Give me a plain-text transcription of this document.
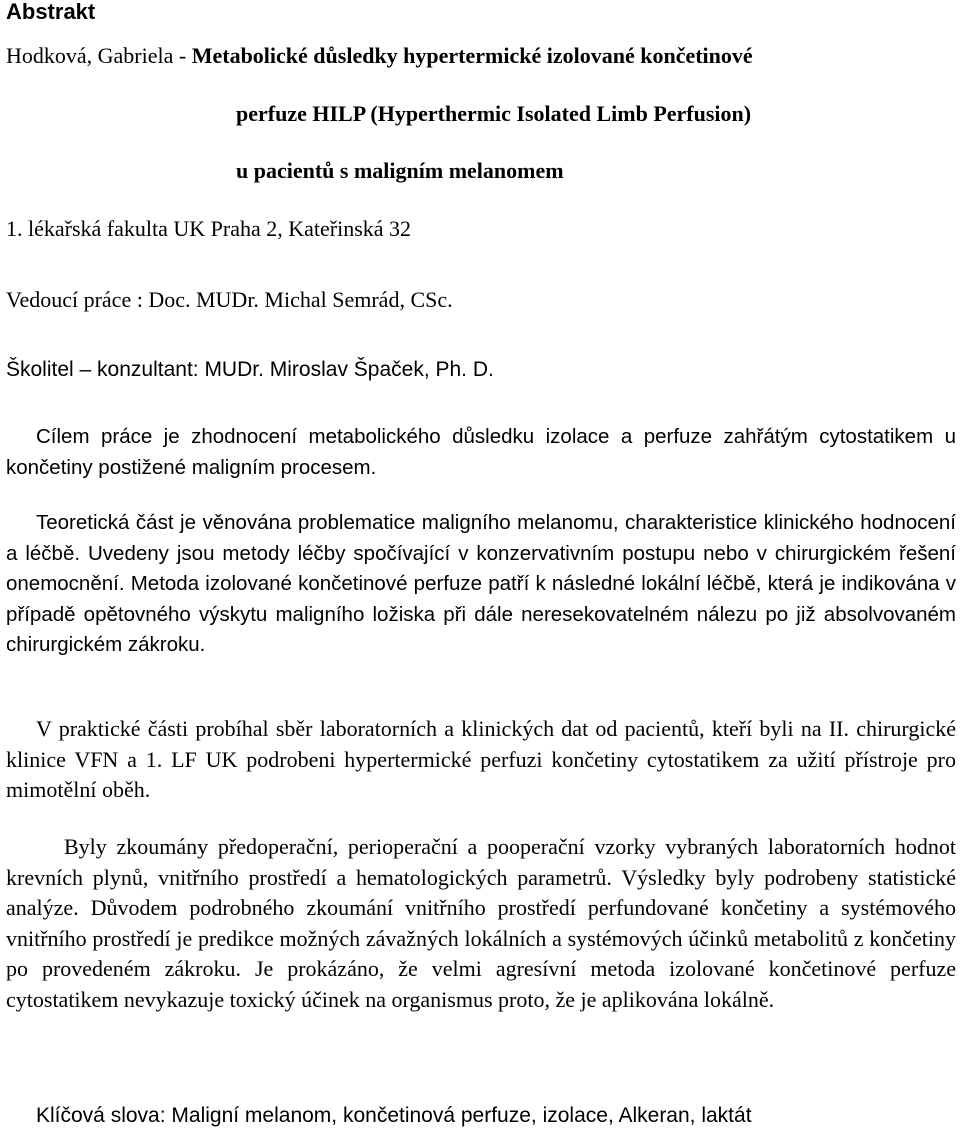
Abstrakt
Hodková, Gabriela - Metabolické důsledky hypertermické izolované končetinové
perfuze HILP (Hyperthermic Isolated Limb Perfusion)
u pacientů s maligním melanomem
1. lékařská fakulta UK Praha 2, Kateřinská 32
Vedoucí práce : Doc. MUDr. Michal Semrád, CSc.
Školitel – konzultant: MUDr. Miroslav Špaček, Ph. D.
Cílem práce je zhodnocení metabolického důsledku izolace a perfuze zahřátým cytostatikem u končetiny postižené maligním procesem.
Teoretická část je věnována problematice maligního melanomu, charakteristice klinického hodnocení a léčbě. Uvedeny jsou metody léčby spočívající v konzervativním postupu nebo v chirurgickém řešení onemocnění. Metoda izolované končetinové perfuze patří k následné lokální léčbě, která je indikována v případě opětovného výskytu maligního ložiska při dále neresekovatelném nálezu po již absolvovaném chirurgickém zákroku.
V praktické části probíhal sběr laboratorních a klinických dat od pacientů, kteří byli na II. chirurgické klinice VFN a 1. LF UK podrobeni hypertermické perfuzi končetiny cytostatikem za užití přístroje pro mimotělní oběh.
Byly zkoumány předoperační, perioperační a pooperační vzorky vybraných laboratorních hodnot krevních plynů, vnitřního prostředí a hematologických parametrů. Výsledky byly podrobeny statistické analýze. Důvodem podrobného zkoumání vnitřního prostředí perfundované končetiny a systémového vnitřního prostředí je predikce možných závažných lokálních a systémových účinků metabolitů z končetiny po provedeném zákroku. Je prokázáno, že velmi agresívní metoda izolované končetinové perfuze cytostatikem nevykazuje toxický účinek na organismus proto, že je aplikována lokálně.
Klíčová slova: Maligní melanom, končetinová perfuze, izolace, Alkeran, laktát
